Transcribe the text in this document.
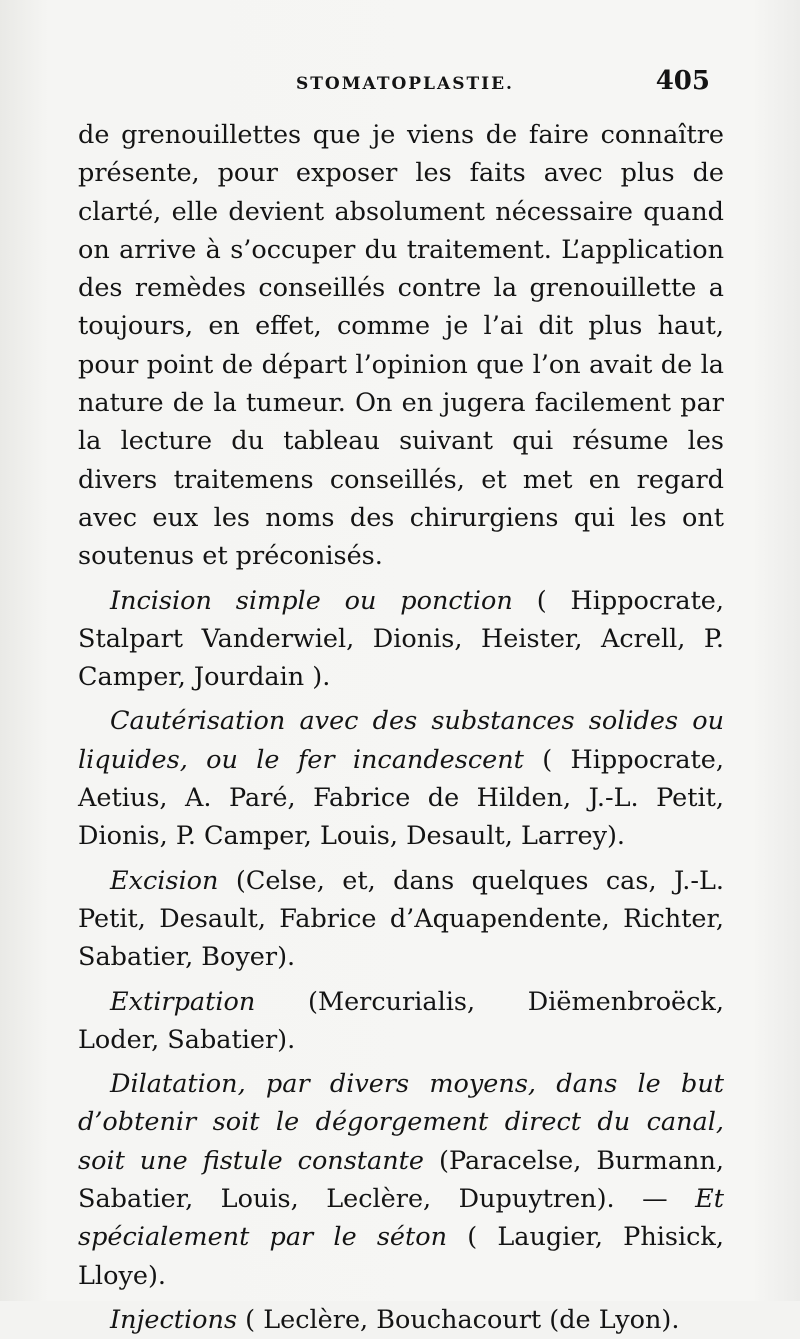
STOMATOPLASTIE.	405

de grenouillettes que je viens de faire connaître présente, pour exposer les faits avec plus de clarté, elle devient absolument nécessaire quand on arrive à s’occuper du traitement. L’application des remèdes conseillés contre la grenouillette a toujours, en effet, comme je l’ai dit plus haut, pour point de départ l’opinion que l’on avait de la nature de la tumeur. On en jugera facilement par la lecture du tableau suivant qui résume les divers traitemens conseillés, et met en regard avec eux les noms des chirurgiens qui les ont soutenus et préconisés.

Incision simple ou ponction ( Hippocrate, Stalpart Vanderwiel, Dionis, Heister, Acrell, P. Camper, Jourdain ).

Cautérisation avec des substances solides ou liquides, ou le fer incandescent ( Hippocrate, Aetius, A. Paré, Fabrice de Hilden, J.-L. Petit, Dionis, P. Camper, Louis, Desault, Larrey).

Excision (Celse, et, dans quelques cas, J.-L. Petit, Desault, Fabrice d’Aquapendente, Richter, Sabatier, Boyer).

Extirpation (Mercurialis, Diëmenbroëck, Loder, Sabatier).

Dilatation, par divers moyens, dans le but d’obtenir soit le dégorgement direct du canal, soit une fistule constante (Paracelse, Burmann, Sabatier, Louis, Leclère, Dupuytren). — Et spécialement par le séton ( Laugier, Phisick, Lloye).

Injections ( Leclère, Bouchacourt (de Lyon).
